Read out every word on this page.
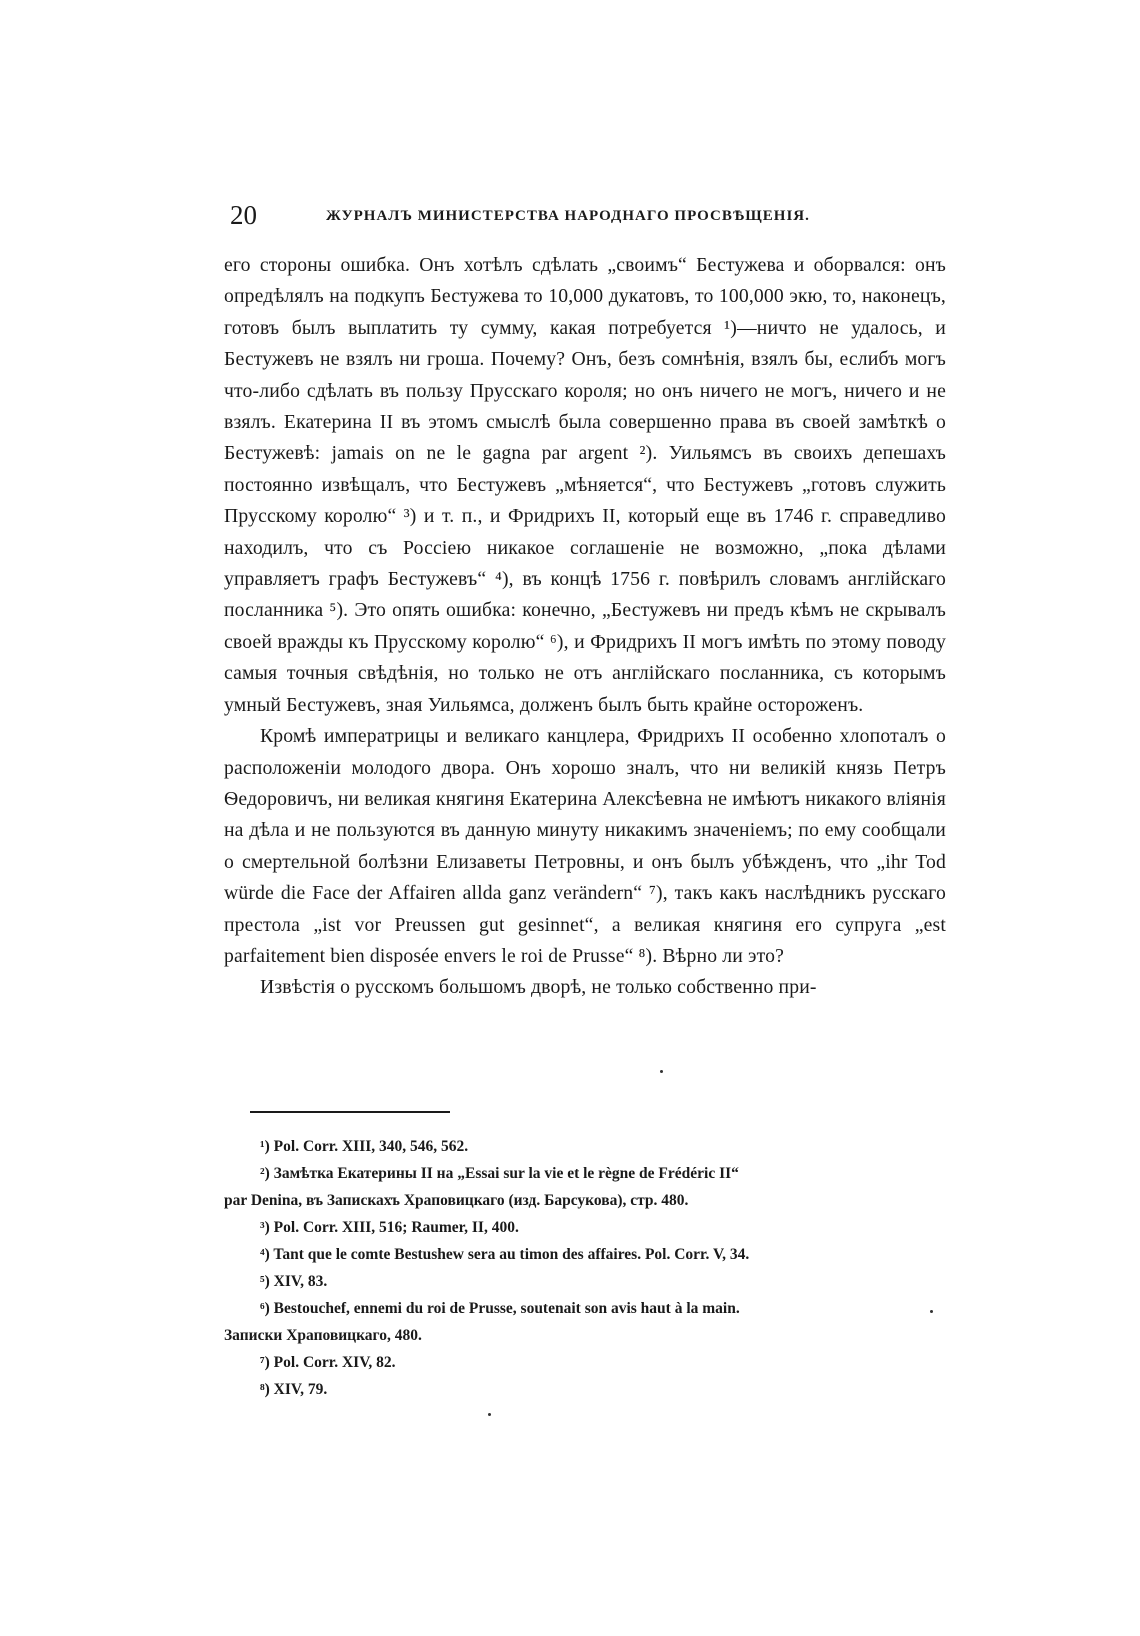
20	ЖУРНАЛЪ МИНИСТЕРСТВА НАРОДНАГО ПРОСВѢЩЕНІЯ.

его стороны ошибка. Онъ хотѣлъ сдѣлать „своимъ“ Бестужева и оборвался: онъ опредѣлялъ на подкупъ Бестужева то 10,000 дукатовъ, то 100,000 экю, то, наконецъ, готовъ былъ выплатить ту сумму, какая потребуется ¹)—ничто не удалось, и Бестужевъ не взялъ ни гроша. Почему? Онъ, безъ сомнѣнія, взялъ бы, еслибъ могъ что-либо сдѣлать въ пользу Прусскаго короля; но онъ ничего не могъ, ничего и не взялъ. Екатерина II въ этомъ смыслѣ была совершенно права въ своей замѣткѣ о Бестужевѣ: jamais on ne le gagna par argent ²). Уильямсъ въ своихъ депешахъ постоянно извѣщалъ, что Бестужевъ „мѣняется“, что Бестужевъ „готовъ служить Прусскому королю“ ³) и т. п., и Фридрихъ II, который еще въ 1746 г. справедливо находилъ, что съ Россіею никакое соглашеніе не возможно, „пока дѣлами управляетъ графъ Бестужевъ“ ⁴), въ концѣ 1756 г. повѣрилъ словамъ англійскаго посланника ⁵). Это опять ошибка: конечно, „Бестужевъ ни предъ кѣмъ не скрывалъ своей вражды къ Прусскому королю“ ⁶), и Фридрихъ II могъ имѣть по этому поводу самыя точныя свѣдѣнія, но только не отъ англійскаго посланника, съ которымъ умный Бестужевъ, зная Уильямса, долженъ былъ быть крайне остороженъ.

Кромѣ императрицы и великаго канцлера, Фридрихъ II особенно хлопоталъ о расположеніи молодого двора. Онъ хорошо зналъ, что ни великій князь Петръ Ѳедоровичъ, ни великая княгиня Екатерина Алексѣевна не имѣютъ никакого вліянія на дѣла и не пользуются въ данную минуту никакимъ значеніемъ; по ему сообщали о смертельной болѣзни Елизаветы Петровны, и онъ былъ убѣжденъ, что „ihr Tod würde die Face der Affairen allda ganz verändern“ ⁷), такъ какъ наслѣдникъ русскаго престола „ist vor Preussen gut gesinnet“, а великая княгиня его супруга „est parfaitement bien disposée envers le roi de Prusse“ ⁸). Вѣрно ли это?

Извѣстія о русскомъ большомъ дворѣ, не только собственно при-

¹) Pol. Corr. XIII, 340, 546, 562.

²) Замѣтка Екатерины II на „Essai sur la vie et le règne de Frédéric II“

par Denina, въ Запискахъ Храповицкаго (изд. Барсукова), стр. 480.

³) Pol. Corr. XIII, 516; Raumer, II, 400.

⁴) Tant que le comte Bestushew sera au timon des affaires. Pol. Corr. V, 34.

⁵) XIV, 83.

⁶) Bestouchef, ennemi du roi de Prusse, soutenait son avis haut à la main.

Записки Храповицкаго, 480.

⁷) Pol. Corr. XIV, 82.

⁸) XIV, 79.
